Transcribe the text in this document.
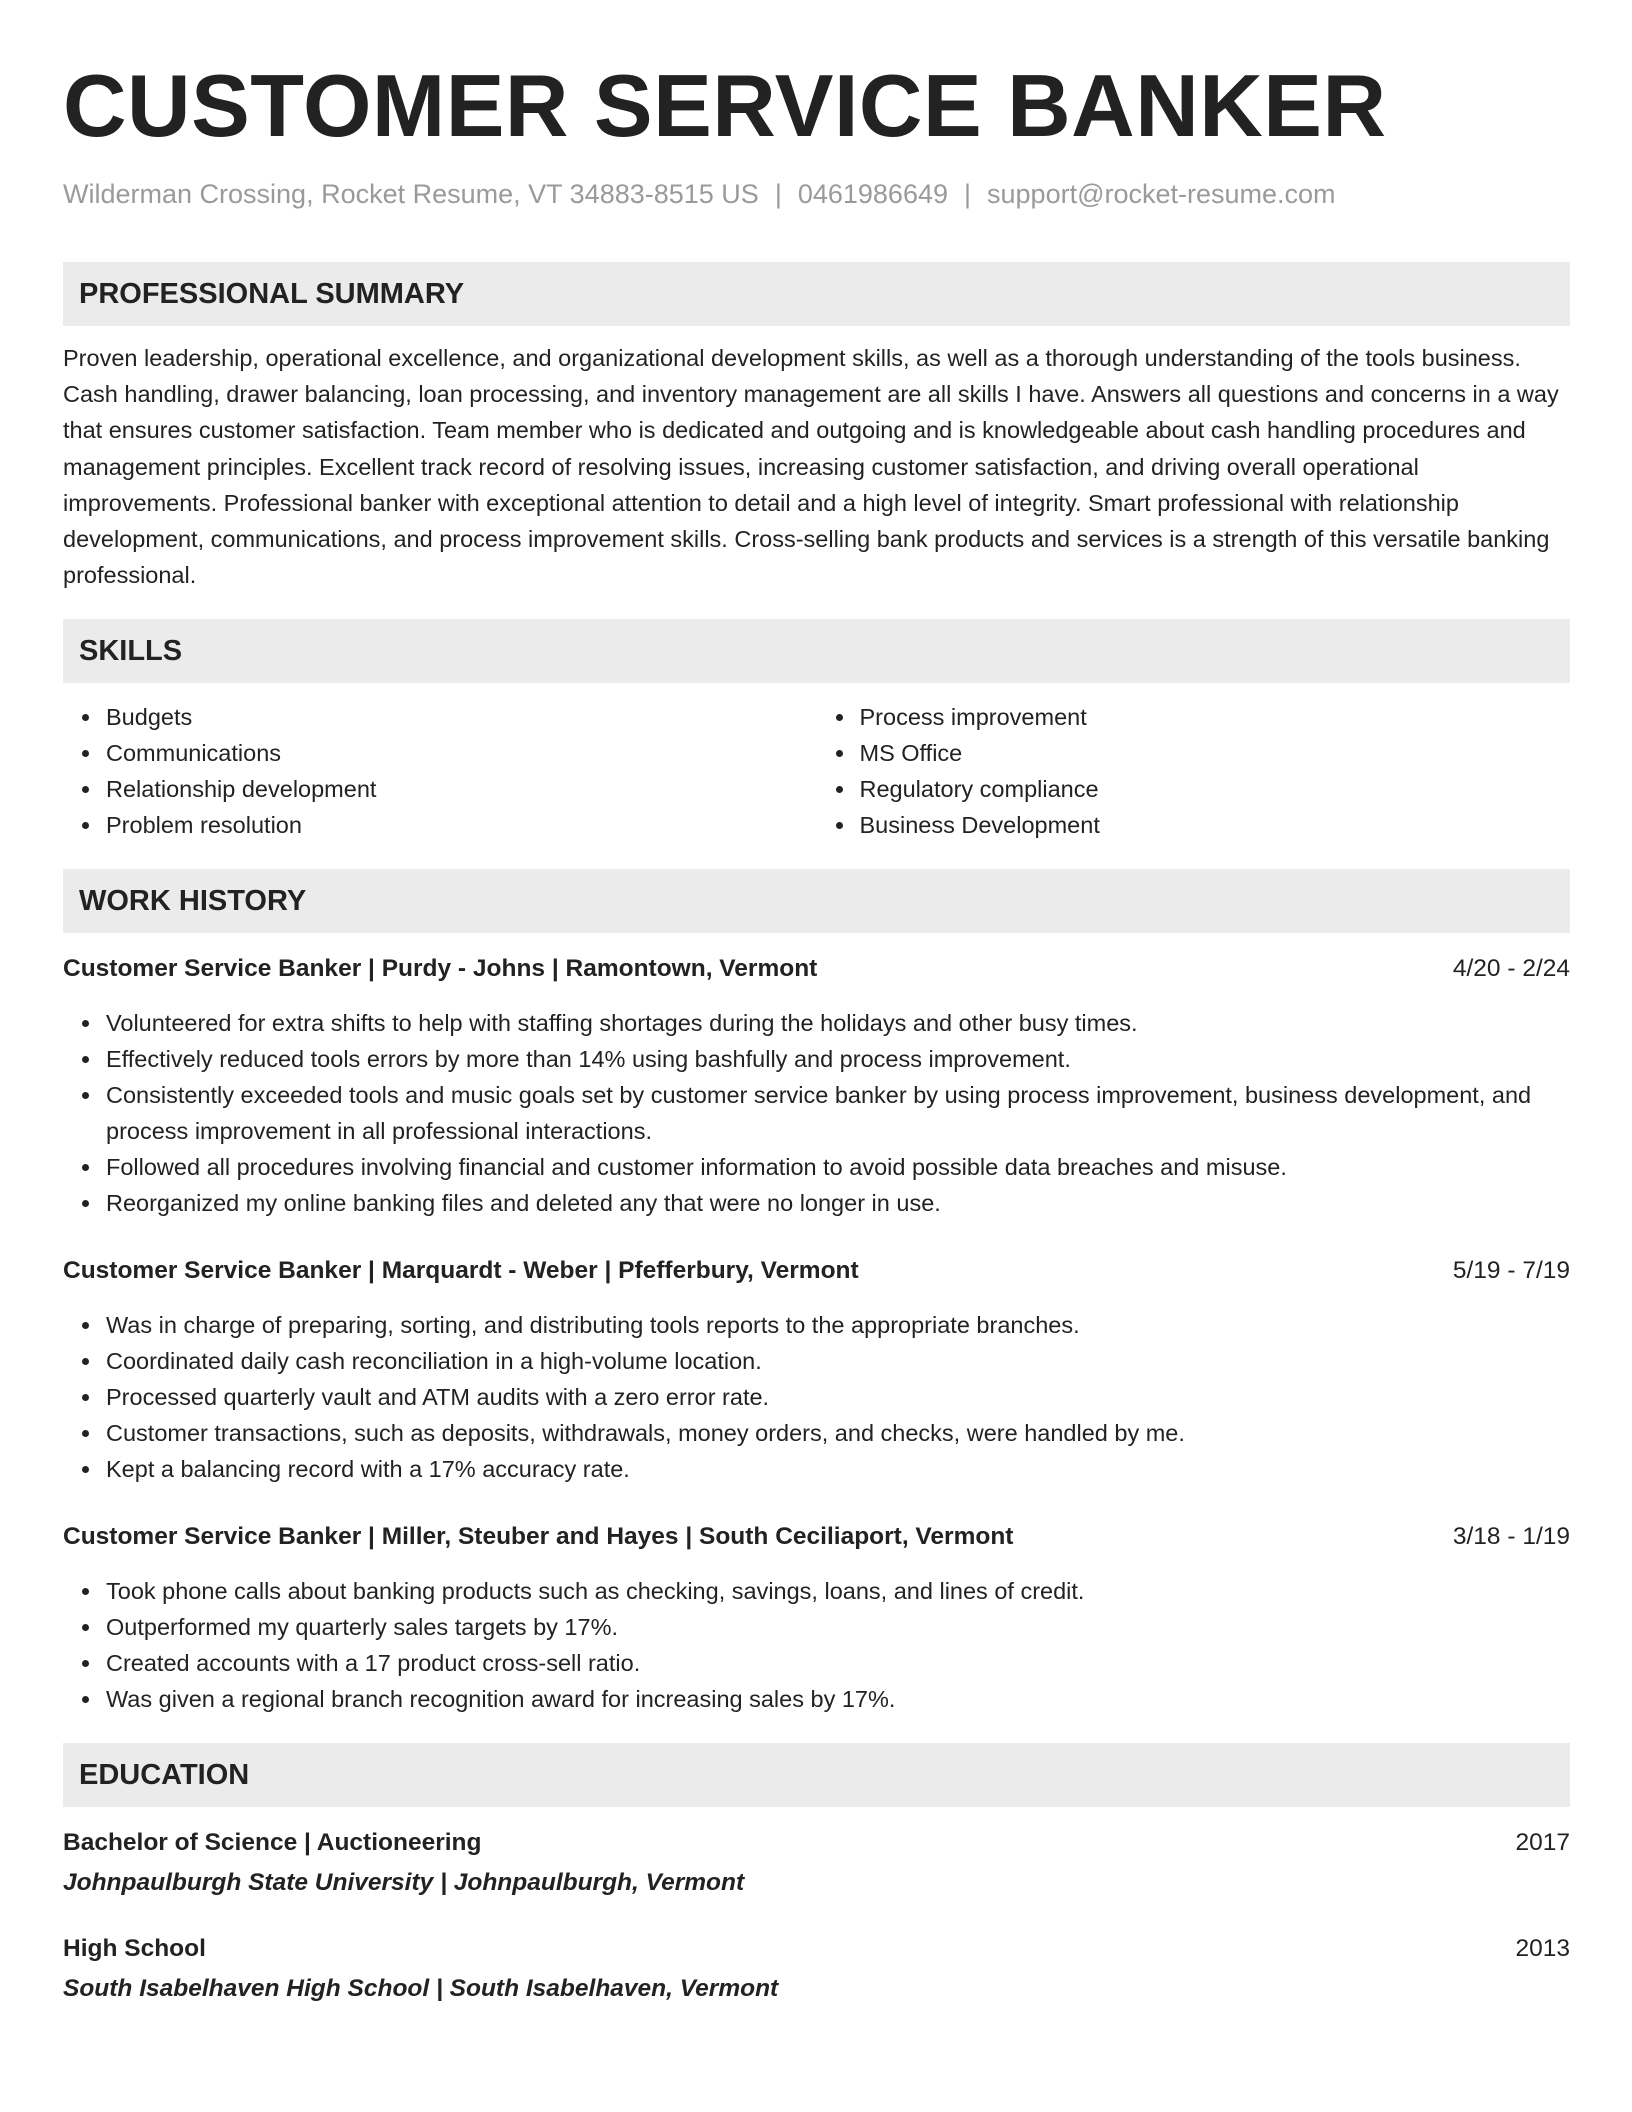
CUSTOMER SERVICE BANKER
Wilderman Crossing, Rocket Resume, VT 34883-8515 US | 0461986649 | support@rocket-resume.com
PROFESSIONAL SUMMARY

Proven leadership, operational excellence, and organizational development skills, as well as a thorough understanding of the tools business. Cash handling, drawer balancing, loan processing, and inventory management are all skills I have. Answers all questions and concerns in a way that ensures customer satisfaction. Team member who is dedicated and outgoing and is knowledgeable about cash handling procedures and management principles. Excellent track record of resolving issues, increasing customer satisfaction, and driving overall operational improvements. Professional banker with exceptional attention to detail and a high level of integrity. Smart professional with relationship development, communications, and process improvement skills. Cross-selling bank products and services is a strength of this versatile banking professional.

SKILLS
Budgets
Communications
Relationship development
Problem resolution
Process improvement
MS Office
Regulatory compliance
Business Development
WORK HISTORY
Customer Service Banker | Purdy - Johns | Ramontown, Vermont	4/20 - 2/24
Volunteered for extra shifts to help with staffing shortages during the holidays and other busy times.
Effectively reduced tools errors by more than 14% using bashfully and process improvement.
Consistently exceeded tools and music goals set by customer service banker by using process improvement, business development, and process improvement in all professional interactions.
Followed all procedures involving financial and customer information to avoid possible data breaches and misuse.
Reorganized my online banking files and deleted any that were no longer in use.
Customer Service Banker | Marquardt - Weber | Pfefferbury, Vermont	5/19 - 7/19
Was in charge of preparing, sorting, and distributing tools reports to the appropriate branches.
Coordinated daily cash reconciliation in a high-volume location.
Processed quarterly vault and ATM audits with a zero error rate.
Customer transactions, such as deposits, withdrawals, money orders, and checks, were handled by me.
Kept a balancing record with a 17% accuracy rate.
Customer Service Banker | Miller, Steuber and Hayes | South Ceciliaport, Vermont	3/18 - 1/19
Took phone calls about banking products such as checking, savings, loans, and lines of credit.
Outperformed my quarterly sales targets by 17%.
Created accounts with a 17 product cross-sell ratio.
Was given a regional branch recognition award for increasing sales by 17%.
EDUCATION
Bachelor of Science | Auctioneering	2017
Johnpaulburgh State University | Johnpaulburgh, Vermont
High School	2013
South Isabelhaven High School | South Isabelhaven, Vermont
